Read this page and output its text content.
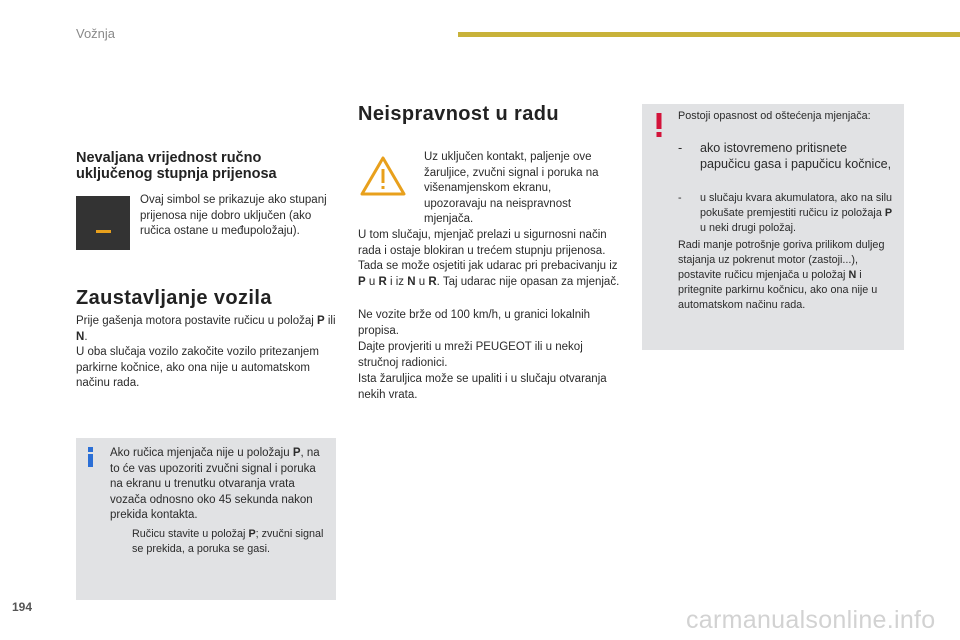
Vožnja
Nevaljana vrijednost ručno uključenog stupnja prijenosa
Ovaj simbol se prikazuje ako stupanj prijenosa nije dobro uključen (ako ručica ostane u međupoložaju).
Zaustavljanje vozila
Prije gašenja motora postavite ručicu u položaj P ili N.
U oba slučaja vozilo zakočite vozilo pritezanjem parkirne kočnice, ako ona nije u automatskom načinu rada.
Ako ručica mjenjača nije u položaju P, na to će vas upozoriti zvučni signal i poruka na ekranu u trenutku otvaranja vrata vozača odnosno oko 45 sekunda nakon prekida kontakta.
Ručicu stavite u položaj P; zvučni signal se prekida, a poruka se gasi.
Neispravnost u radu
Uz uključen kontakt, paljenje ove žaruljice, zvučni signal i poruka na višenamjenskom ekranu, upozoravaju na neispravnost mjenjača.
U tom slučaju, mjenjač prelazi u sigurnosni način rada i ostaje blokiran u trećem stupnju prijenosa. Tada se može osjetiti jak udarac pri prebacivanju iz P u R i iz N u R. Taj udarac nije opasan za mjenjač.
Ne vozite brže od 100 km/h, u granici lokalnih propisa.
Dajte provjeriti u mreži PEUGEOT ili u nekoj stručnoj radionici.
Ista žaruljica može se upaliti i u slučaju otvaranja nekih vrata.
Postoji opasnost od oštećenja mjenjača:
- ako istovremeno pritisnete papučicu gasa i papučicu kočnice,
- u slučaju kvara akumulatora, ako na silu pokušate premjestiti ručicu iz položaja P u neki drugi položaj.
Radi manje potrošnje goriva prilikom duljeg stajanja uz pokrenut motor (zastoji...), postavite ručicu mjenjača u položaj N i pritegnite parkirnu kočnicu, ako ona nije u automatskom načinu rada.
194	carmanualsonline.info
